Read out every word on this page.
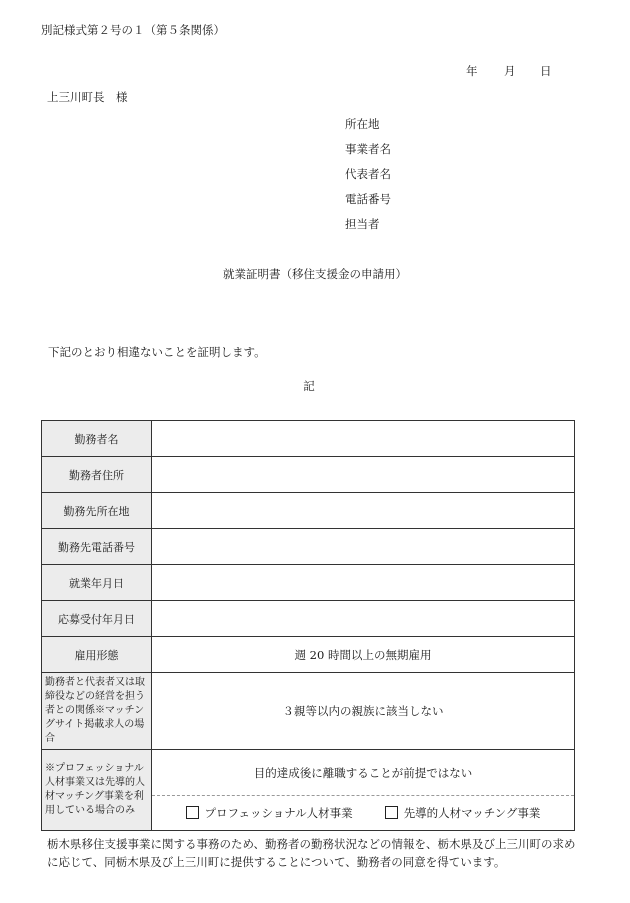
別記様式第２号の１（第５条関係）
年 月 日
上三川町長　様
所在地
事業者名
代表者名
電話番号
担当者
就業証明書（移住支援金の申請用）
下記のとおり相違ないことを証明します。
記
勤務者名	
勤務者住所	
勤務先所在地	
勤務先電話番号	
就業年月日	
応募受付年月日	
雇用形態	週 20 時間以上の無期雇用
勤務者と代表者又は取締役などの経営を担う者との関係※マッチングサイト掲載求人の場合	３親等以内の親族に該当しない
※プロフェッショナル人材事業又は先導的人材マッチング事業を利用している場合のみ	目的達成後に離職することが前提ではない
プロフェッショナル人材事業 先導的人材マッチング事業
栃木県移住支援事業に関する事務のため、勤務者の勤務状況などの情報を、栃木県及び上三川町の求めに応じて、同栃木県及び上三川町に提供することについて、勤務者の同意を得ています。
